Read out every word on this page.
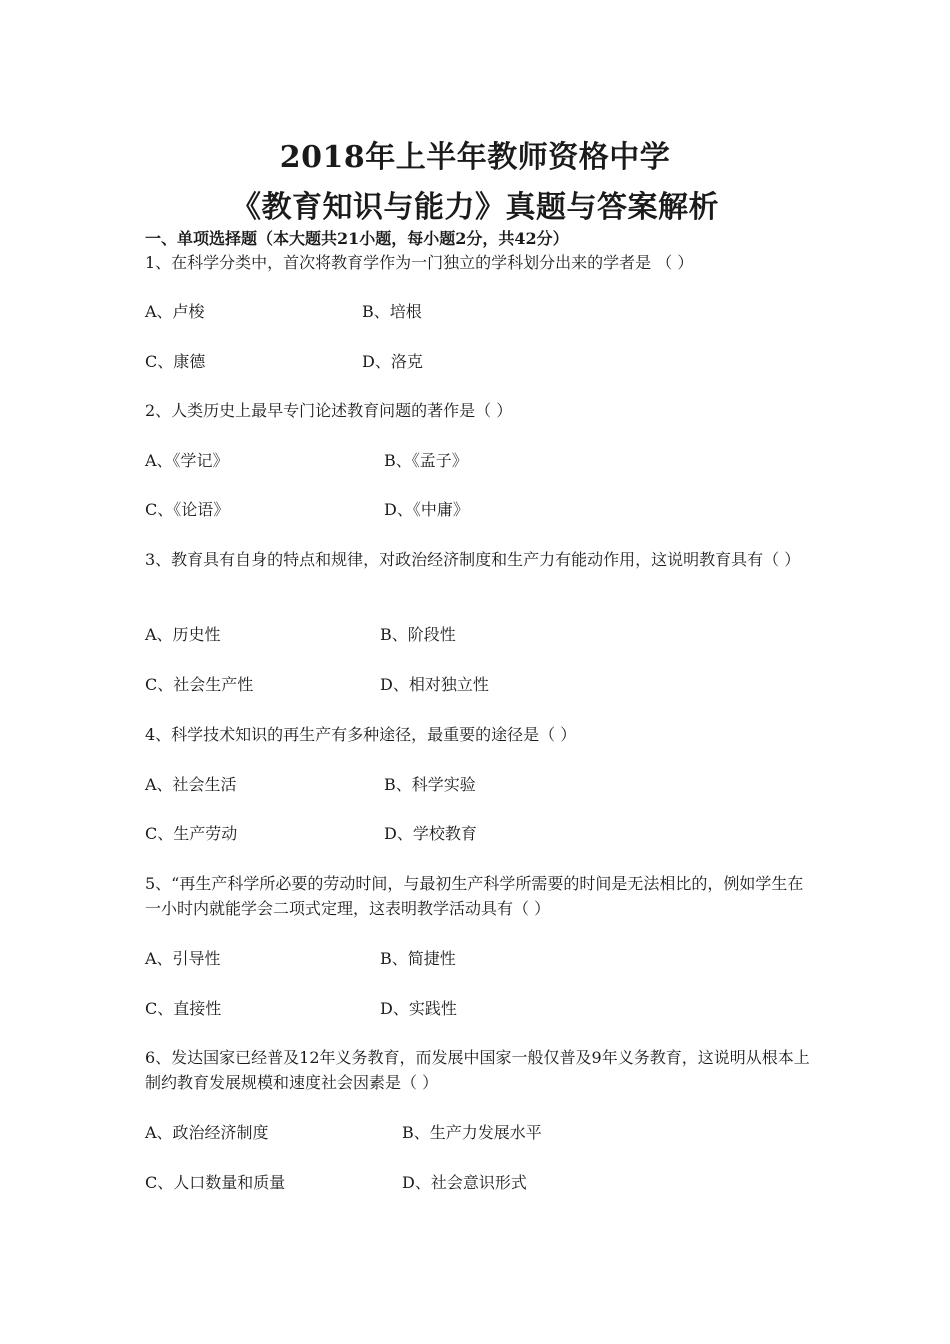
2018年上半年教师资格中学
《教育知识与能力》真题与答案解析
一、单项选择题（本大题共21小题，每小题2分，共42分）
1、在科学分类中，首次将教育学作为一门独立的学科划分出来的学者是 （ ）
A、卢梭	B、培根
C、康德	D、洛克
2、人类历史上最早专门论述教育问题的著作是（ ）
A、《学记》	B、《孟子》
C、《论语》	D、《中庸》
3、教育具有自身的特点和规律，对政治经济制度和生产力有能动作用，这说明教育具有（ ）
A、历史性	B、阶段性
C、社会生产性	D、相对独立性
4、科学技术知识的再生产有多种途径，最重要的途径是（ ）
A、社会生活	B、科学实验
C、生产劳动	D、学校教育
5、“再生产科学所必要的劳动时间，与最初生产科学所需要的时间是无法相比的，例如学生在一小时内就能学会二项式定理，这表明教学活动具有（ ）
A、引导性	B、简捷性
C、直接性	D、实践性
6、发达国家已经普及12年义务教育，而发展中国家一般仅普及9年义务教育，这说明从根本上制约教育发展规模和速度社会因素是（ ）
A、政治经济制度	B、生产力发展水平
C、人口数量和质量	D、社会意识形式
